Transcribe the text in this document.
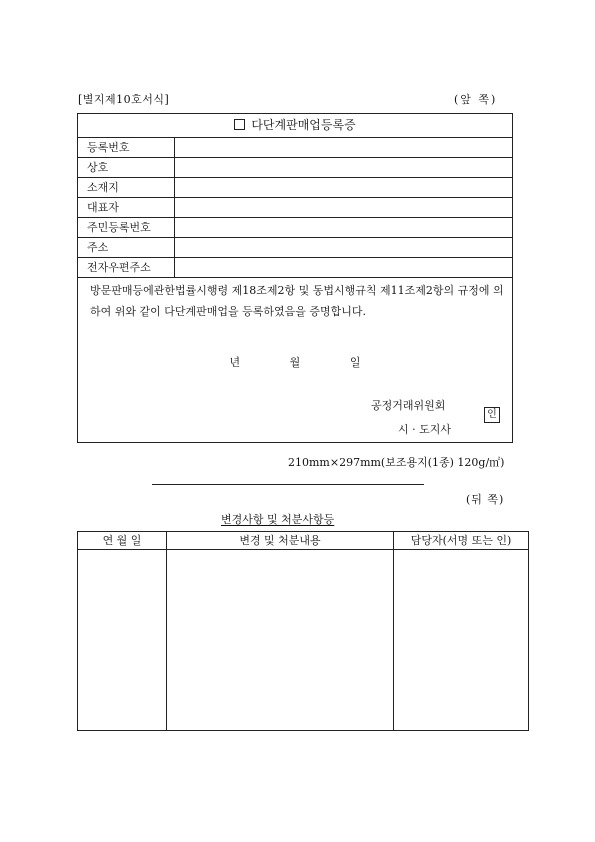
[별지제10호서식]	(앞 쪽)
다단계판매업등록증
등록번호
상호
소재지
대표자
주민등록번호
주소
전자우편주소
방문판매등에관한법률시행령 제18조제2항 및 동법시행규칙 제11조제2항의 규정에 의하여 위와 같이 다단계판매업을 등록하였음을 증명합니다.
년	월	일
공정거래위원회
인
시 · 도지사
210mm×297mm(보조용지(1종) 120g/㎡)
(뒤 쪽)
변경사항 및 처분사항등
연 월 일	변경 및 처분내용	담당자(서명 또는 인)
